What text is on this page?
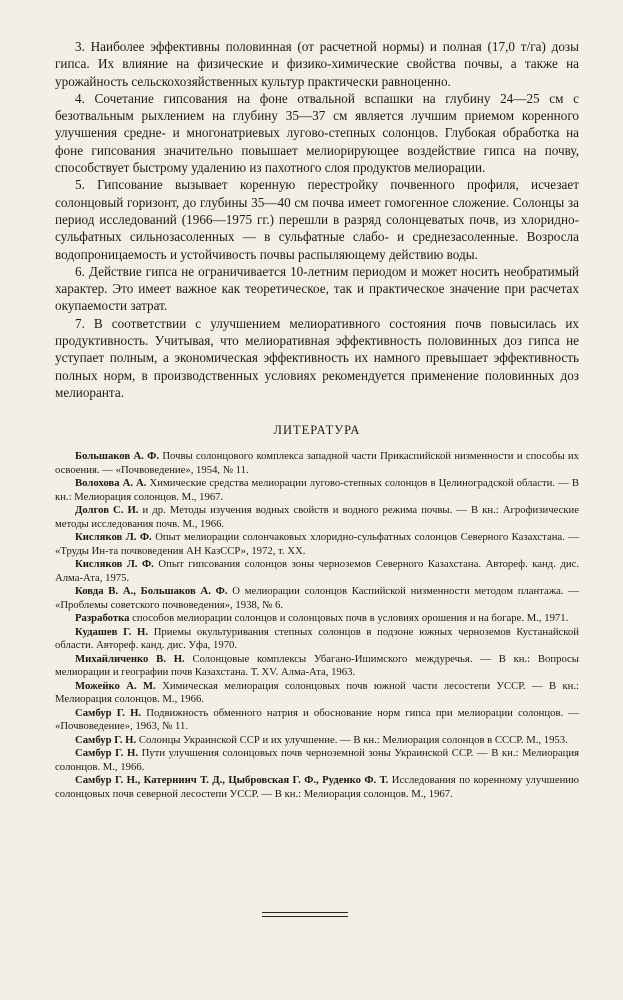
3. Наиболее эффективны половинная (от расчетной нормы) и полная (17,0 т/га) дозы гипса. Их влияние на физические и физико-химические свойства почвы, а также на урожайность сельскохозяйственных культур практически равноценно.

4. Сочетание гипсования на фоне отвальной вспашки на глубину 24—25 см с безотвальным рыхлением на глубину 35—37 см является лучшим приемом коренного улучшения средне- и многонатриевых лугово-степных солонцов. Глубокая обработка на фоне гипсования значительно повышает мелиорирующее воздействие гипса на почву, способствует быстрому удалению из пахотного слоя продуктов мелиорации.

5. Гипсование вызывает коренную перестройку почвенного профиля, исчезает солонцовый горизонт, до глубины 35—40 см почва имеет гомогенное сложение. Солонцы за период исследований (1966—1975 гг.) перешли в разряд солонцеватых почв, из хлоридно-сульфатных сильнозасоленных — в сульфатные слабо- и среднезасоленные. Возросла водопроницаемость и устойчивость почвы распыляющему действию воды.

6. Действие гипса не ограничивается 10-летним периодом и может носить необратимый характер. Это имеет важное как теоретическое, так и практическое значение при расчетах окупаемости затрат.

7. В соответствии с улучшением мелиоративного состояния почв повысилась их продуктивность. Учитывая, что мелиоративная эффективность половинных доз гипса не уступает полным, а экономическая эффективность их намного превышает эффективность полных норм, в производственных условиях рекомендуется применение половинных доз мелиоранта.

ЛИТЕРАТУРА

Большаков А. Ф. Почвы солонцового комплекса западной части Прикаспийской низменности и способы их освоения. — «Почвоведение», 1954, № 11.

Волохова А. А. Химические средства мелиорации лугово-степных солонцов в Целиноградской области. — В кн.: Мелиорация солонцов. М., 1967.

Долгов С. И. и др. Методы изучения водных свойств и водного режима почвы. — В кн.: Агрофизические методы исследования почв. М., 1966.

Кисляков Л. Ф. Опыт мелиорации солончаковых хлоридно-сульфатных солонцов Северного Казахстана. — «Труды Ин-та почвоведения АН КазССР», 1972, т. XX.

Кисляков Л. Ф. Опыт гипсования солонцов зоны черноземов Северного Казахстана. Автореф. канд. дис. Алма-Ата, 1975.

Ковда В. А., Большаков А. Ф. О мелиорации солонцов Каспийской низменности методом плантажа. — «Проблемы советского почвоведения», 1938, № 6.

Разработка способов мелиорации солонцов и солонцовых почв в условиях орошения и на богаре. М., 1971.

Кудашев Г. Н. Приемы окультуривания степных солонцов в подзоне южных черноземов Кустанайской области. Автореф. канд. дис. Уфа, 1970.

Михайличенко В. Н. Солонцовые комплексы Убагано-Ишимского междуречья. — В кн.: Вопросы мелиорации и географии почв Казахстана. Т. XV. Алма-Ата, 1963.

Можейко А. М. Химическая мелиорация солонцовых почв южной части лесостепи УССР. — В кн.: Мелиорация солонцов. М., 1966.

Самбур Г. Н. Подвижность обменного натрия и обоснование норм гипса при мелиорации солонцов. — «Почвоведение», 1963, № 11.

Самбур Г. Н. Солонцы Украинской ССР и их улучшение. — В кн.: Мелиорация солонцов в СССР. М., 1953.

Самбур Г. Н. Пути улучшения солонцовых почв черноземной зоны Украинской ССР. — В кн.: Мелиорация солонцов. М., 1966.

Самбур Г. Н., Катернинч Т. Д., Цыбровская Г. Ф., Руденко Ф. Т. Исследования по коренному улучшению солонцовых почв северной лесостепи УССР. — В кн.: Мелиорация солонцов. М., 1967.
